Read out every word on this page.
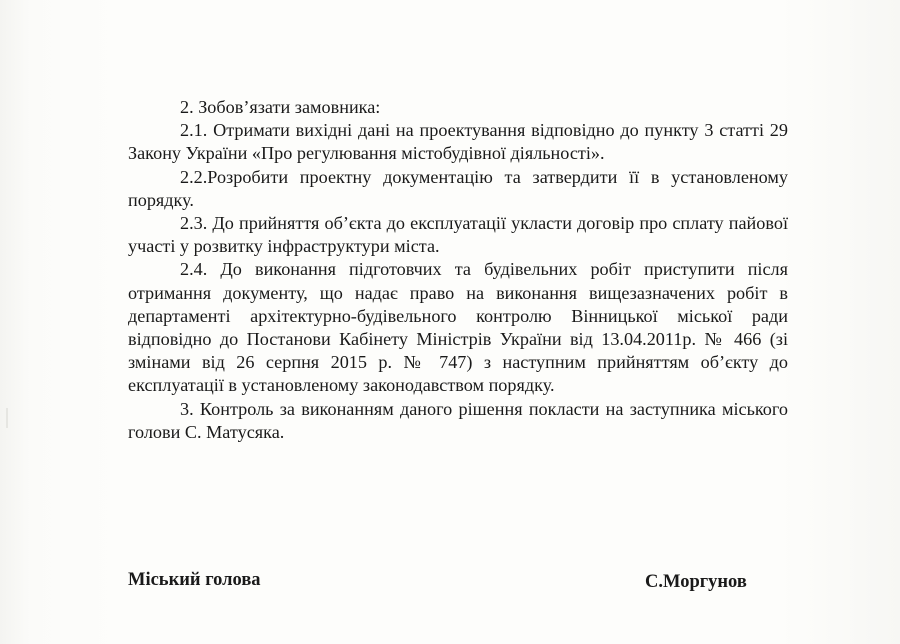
2. Зобов’язати замовника:

2.1. Отримати вихідні дані на проектування відповідно до пункту 3 статті 29 Закону України «Про регулювання містобудівної діяльності».

2.2.Розробити проектну документацію та затвердити її в установленому порядку.

2.3. До прийняття об’єкта до експлуатації укласти договір про сплату пайової участі у розвитку інфраструктури міста.

2.4. До виконання підготовчих та будівельних робіт приступити після отримання документу, що надає право на виконання вищезазначених робіт в департаменті архітектурно-будівельного контролю Вінницької міської ради відповідно до Постанови Кабінету Міністрів України від 13.04.2011р. № 466 (зі змінами від 26 серпня 2015 р. № 747) з наступним прийняттям об’єкту до експлуатації в установленому законодавством порядку.

3. Контроль за виконанням даного рішення покласти на заступника міського голови С. Матусяка.

Міський голова	С.Моргунов
